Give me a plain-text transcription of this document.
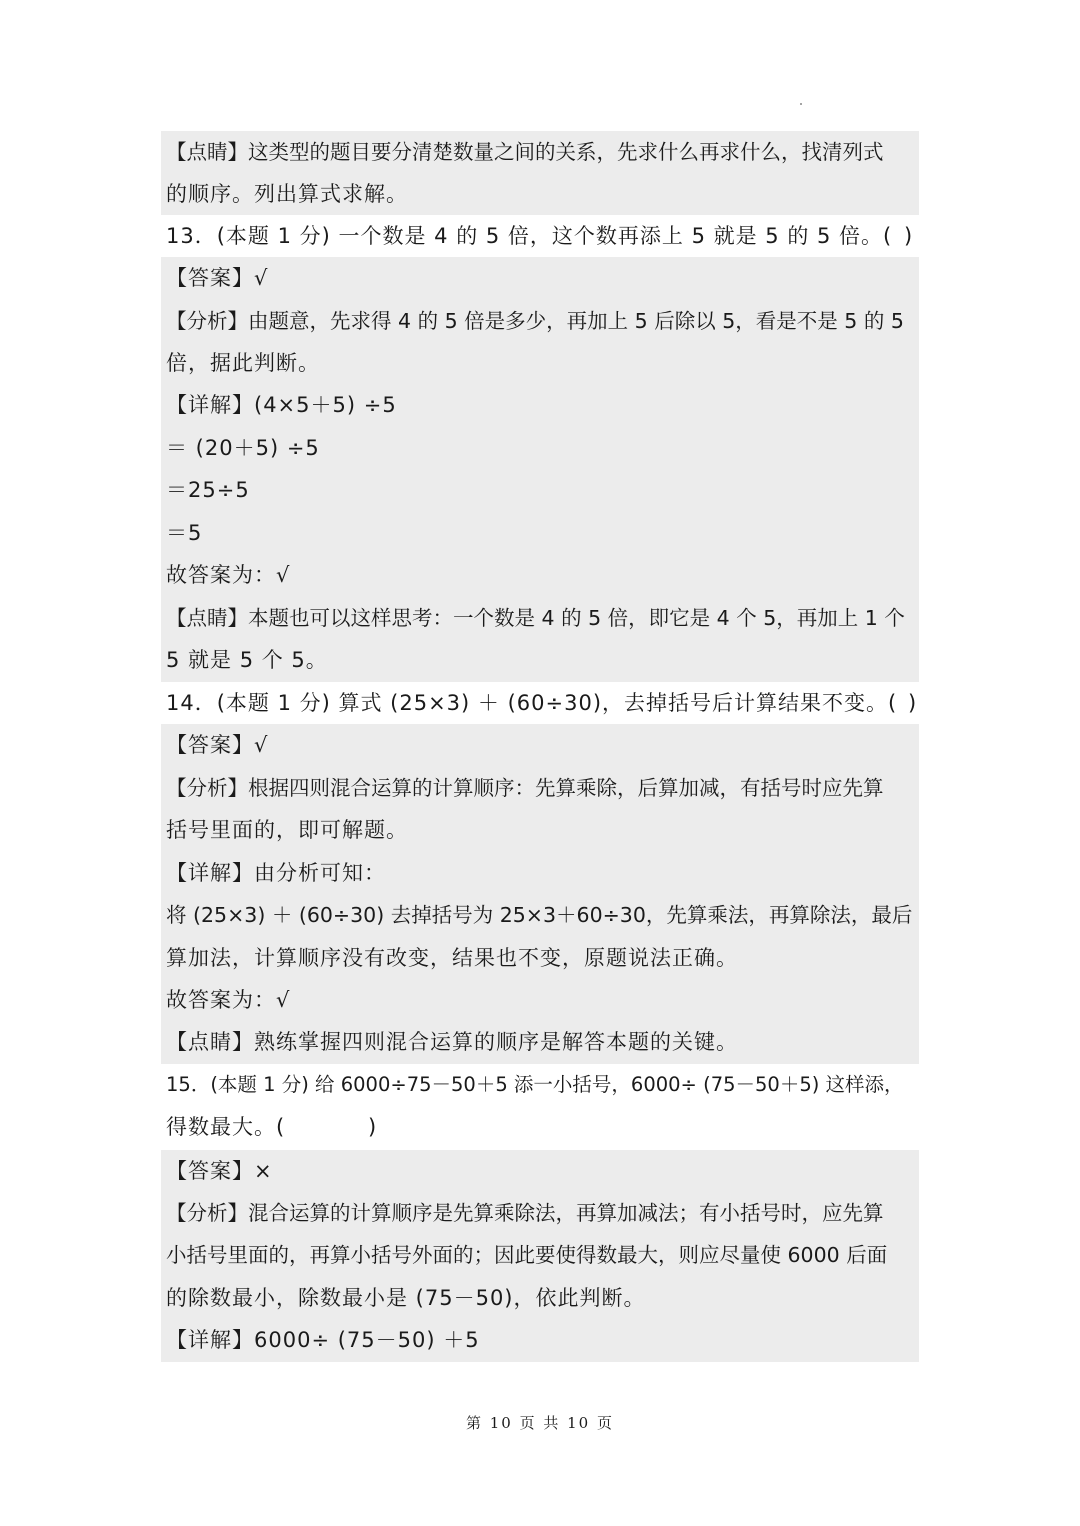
【点睛】这类型的题目要分清楚数量之间的关系，先求什么再求什么，找清列式
的顺序。列出算式求解。
13．(本题 1 分) 一个数是 4 的 5 倍，这个数再添上 5 就是 5 的 5 倍。( )
【答案】√
【分析】由题意，先求得 4 的 5 倍是多少，再加上 5 后除以 5，看是不是 5 的 5
倍，据此判断。
【详解】(4×5＋5) ÷5
＝ (20＋5) ÷5
＝25÷5
＝5
故答案为：√
【点睛】本题也可以这样思考：一个数是 4 的 5 倍，即它是 4 个 5，再加上 1 个
5 就是 5 个 5。
14．(本题 1 分) 算式 (25×3) ＋ (60÷30)，去掉括号后计算结果不变。( )
【答案】√
【分析】根据四则混合运算的计算顺序：先算乘除，后算加减，有括号时应先算
括号里面的，即可解题。
【详解】由分析可知：
将 (25×3) ＋ (60÷30) 去掉括号为 25×3＋60÷30，先算乘法，再算除法，最后
算加法，计算顺序没有改变，结果也不变，原题说法正确。
故答案为：√
【点睛】熟练掌握四则混合运算的顺序是解答本题的关键。
15．(本题 1 分) 给 6000÷75－50＋5 添一小括号，6000÷ (75－50＋5) 这样添，
得数最大。(	)
【答案】×
【分析】混合运算的计算顺序是先算乘除法，再算加减法；有小括号时，应先算
小括号里面的，再算小括号外面的；因此要使得数最大，则应尽量使 6000 后面
的除数最小，除数最小是 (75－50)，依此判断。
【详解】6000÷ (75－50) ＋5
第 10 页 共 10 页
